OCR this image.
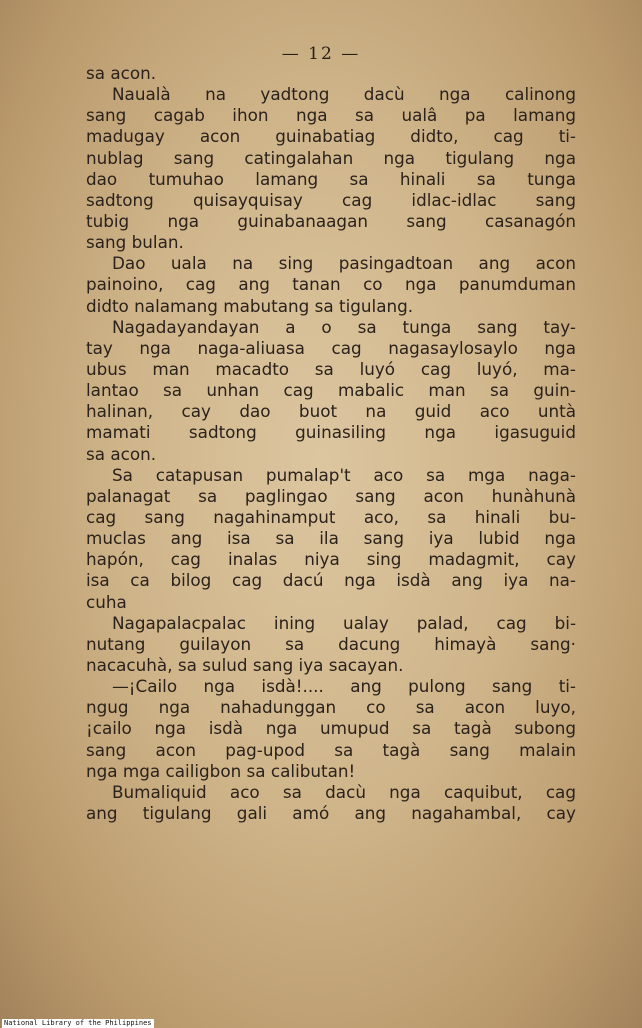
— 12 —
sa acon.
Naualà na yadtong dacù nga calinong
sang cagab ihon nga sa ualâ pa lamang
madugay acon guinabatiag didto, cag ti-
nublag sang catingalahan nga tigulang nga
dao tumuhao lamang sa hinali sa tunga
sadtong quisayquisay cag idlac-idlac sang
tubig nga guinabanaagan sang casanagón
sang bulan.
Dao uala na sing pasingadtoan ang acon
painoino, cag ang tanan co nga panumduman
didto nalamang mabutang sa tigulang.
Nagadayandayan a o sa tunga sang tay-
tay nga naga-aliuasa cag nagasaylosaylo nga
ubus man macadto sa luyó cag luyó, ma-
lantao sa unhan cag mabalic man sa guin-
halinan, cay dao buot na guid aco untà
mamati sadtong guinasiling nga igasuguid
sa acon.
Sa catapusan pumalap't aco sa mga naga-
palanagat sa paglingao sang acon hunàhunà
cag sang nagahinamput aco, sa hinali bu-
muclas ang isa sa ila sang iya lubid nga
hapón, cag inalas niya sing madagmit, cay
isa ca bilog cag dacú nga isdà ang iya na-
cuha
Nagapalacpalac ining ualay palad, cag bi-
nutang guilayon sa dacung himayà sang·
nacacuhà, sa sulud sang iya sacayan.
—¡Cailo nga isdà!.... ang pulong sang ti-
ngug nga nahadunggan co sa acon luyo,
¡cailo nga isdà nga umupud sa tagà subong
sang acon pag-upod sa tagà sang malain
nga mga cailigbon sa calibutan!
Bumaliquid aco sa dacù nga caquibut, cag
ang tigulang gali amó ang nagahambal, cay
National Library of the Philippines
